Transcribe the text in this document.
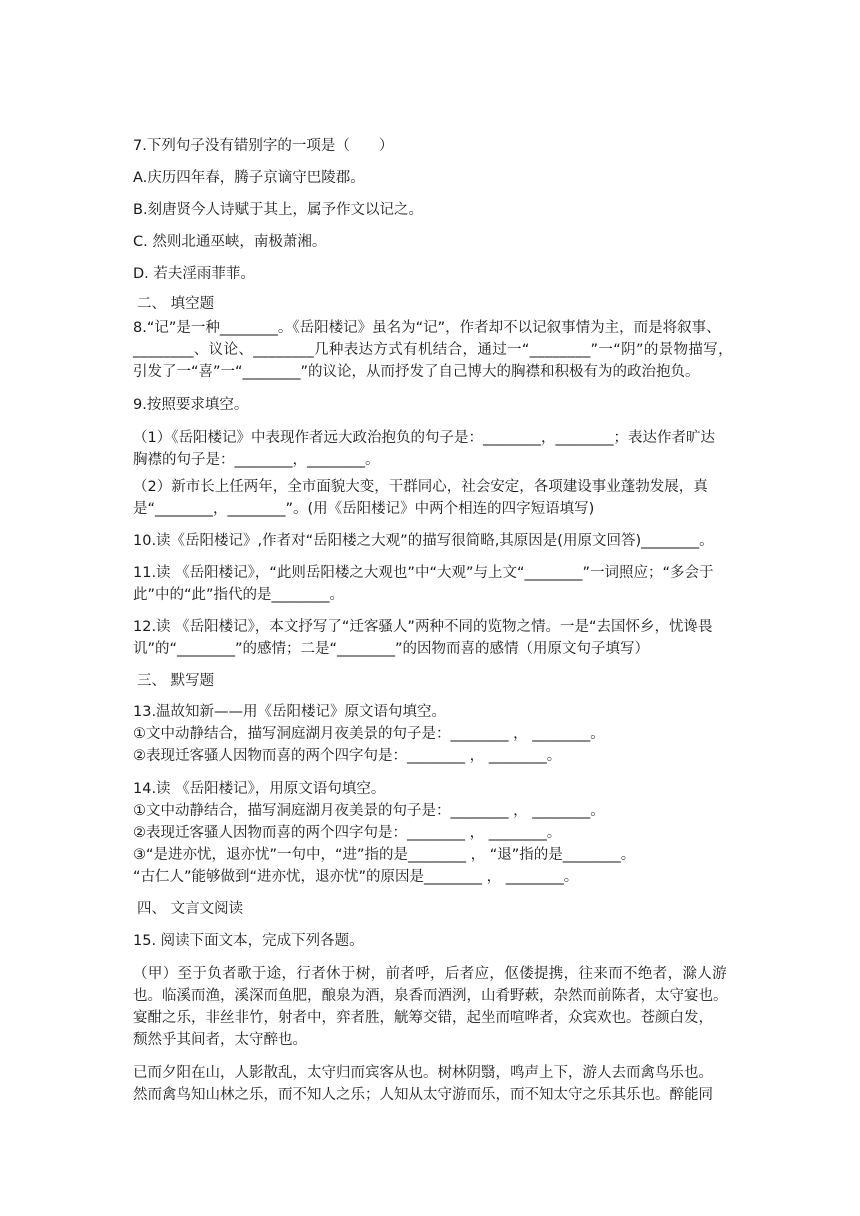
7.下列句子没有错别字的一项是（　　）
A.庆历四年春，腾子京谪守巴陵郡。
B.刻唐贤今人诗赋于其上，属予作文以记之。
C. 然则北通巫峡，南极萧湘。
D. 若夫淫雨菲菲。
二、 填空题
8.“记”是一种________。《岳阳楼记》虽名为“记”，作者却不以记叙事情为主，而是将叙事、
________、议论、________几种表达方式有机结合，通过一“________”一“阴”的景物描写，
引发了一“喜”一“________”的议论，从而抒发了自己博大的胸襟和积极有为的政治抱负。
9.按照要求填空。
（1）《岳阳楼记》中表现作者远大政治抱负的句子是：________，________；表达作者旷达
胸襟的句子是：________，________。
（2）新市长上任两年，全市面貌大变，干群同心，社会安定，各项建设事业蓬勃发展，真
是“________，________”。(用《岳阳楼记》中两个相连的四字短语填写)
10.读《岳阳楼记》,作者对“岳阳楼之大观”的描写很简略,其原因是(用原文回答)________。
11.读 《岳阳楼记》，“此则岳阳楼之大观也”中“大观”与上文“________”一词照应；“多会于
此”中的“此”指代的是________。
12.读 《岳阳楼记》，本文抒写了“迁客骚人”两种不同的览物之情。一是“去国怀乡，忧谗畏
讥”的“________”的感情；二是“________”的因物而喜的感情（用原文句子填写）
三、 默写题
13.温故知新——用《岳阳楼记》原文语句填空。
①文中动静结合，描写洞庭湖月夜美景的句子是：________ ， ________。
②表现迁客骚人因物而喜的两个四字句是：________ ， ________。
14.读 《岳阳楼记》，用原文语句填空。
①文中动静结合，描写洞庭湖月夜美景的句子是：________ ， ________。
②表现迁客骚人因物而喜的两个四字句是：________ ， ________。
③“是进亦忧，退亦忧”一句中，“进”指的是________ ， “退”指的是________。
“古仁人”能够做到“进亦忧，退亦忧”的原因是________ ， ________。
四、 文言文阅读
15. 阅读下面文本，完成下列各题。
（甲）至于负者歌于途，行者休于树，前者呼，后者应，伛偻提携，往来而不绝者，滁人游
也。临溪而渔，溪深而鱼肥，酿泉为酒，泉香而酒洌，山肴野蔌，杂然而前陈者，太守宴也。
宴酣之乐，非丝非竹，射者中，弈者胜，觥筹交错，起坐而喧哗者，众宾欢也。苍颜白发，
颓然乎其间者，太守醉也。
已而夕阳在山，人影散乱，太守归而宾客从也。树林阴翳，鸣声上下，游人去而禽鸟乐也。
然而禽鸟知山林之乐，而不知人之乐；人知从太守游而乐，而不知太守之乐其乐也。醉能同
